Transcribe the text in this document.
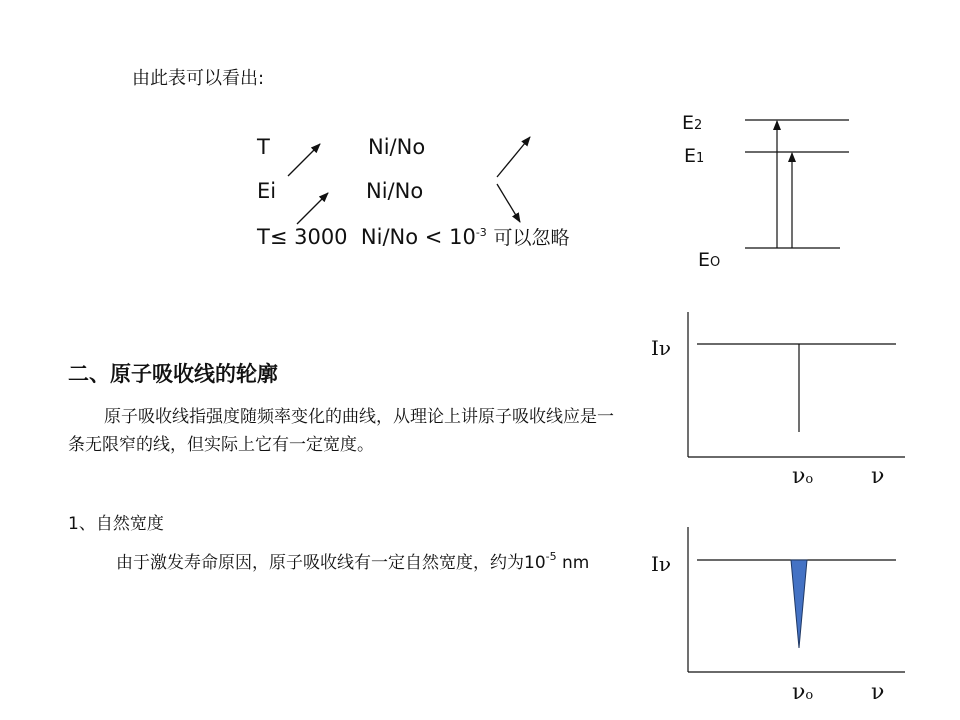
由此表可以看出:
T	Ni/No
Ei	Ni/No
T≤ 3000 $Ni/No < 10^{-3}$ 可以忽略
E2
E1
EO
二、原子吸收线的轮廓
原子吸收线指强度随频率变化的曲线，从理论上讲原子吸收线应是一条无限窄的线，但实际上它有一定宽度。
1、自然宽度
由于激发寿命原因，原子吸收线有一定自然宽度，约为$10^{-5}$ nm
Iν
νo	ν
Iν
νo	ν
